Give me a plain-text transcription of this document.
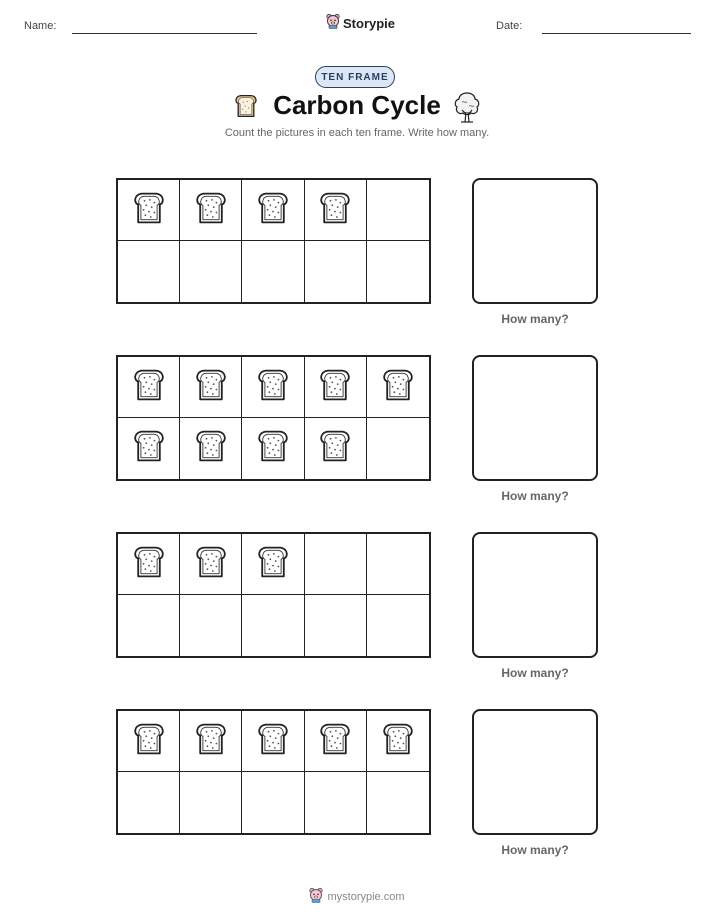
Name:	Storypie	Date:
TEN FRAME
Carbon Cycle
Count the pictures in each ten frame. Write how many.
How many?
How many?
How many?
How many?
mystorypie.com
